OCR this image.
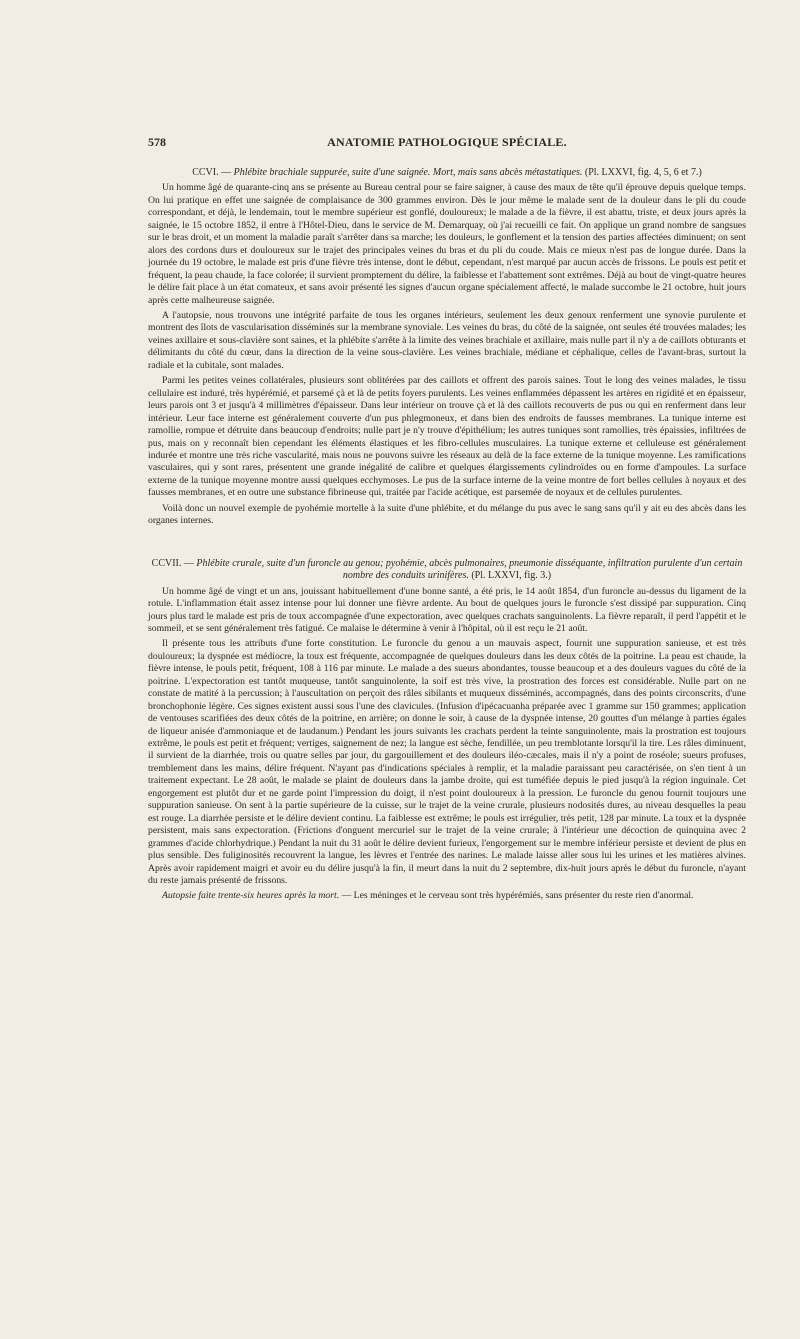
578	ANATOMIE PATHOLOGIQUE SPÉCIALE.
CCVI. — Phlébite brachiale suppurée, suite d'une saignée. Mort, mais sans abcès métastatiques. (Pl. LXXVI, fig. 4, 5, 6 et 7.)

Un homme âgé de quarante-cinq ans se présente au Bureau central pour se faire saigner, à cause des maux de tête qu'il éprouve depuis quelque temps. On lui pratique en effet une saignée de complaisance de 300 grammes environ. Dès le jour même le malade sent de la douleur dans le pli du coude correspondant, et déjà, le lendemain, tout le membre supérieur est gonflé, douloureux; le malade a de la fièvre, il est abattu, triste, et deux jours après la saignée, le 15 octobre 1852, il entre à l'Hôtel-Dieu, dans le service de M. Demarquay, où j'ai recueilli ce fait. On applique un grand nombre de sangsues sur le bras droit, et un moment la maladie paraît s'arrêter dans sa marche; les douleurs, le gonflement et la tension des parties affectées diminuent; on sent alors des cordons durs et douloureux sur le trajet des principales veines du bras et du pli du coude. Mais ce mieux n'est pas de longue durée. Dans la journée du 19 octobre, le malade est pris d'une fièvre très intense, dont le début, cependant, n'est marqué par aucun accès de frissons. Le pouls est petit et fréquent, la peau chaude, la face colorée; il survient promptement du délire, la faiblesse et l'abattement sont extrêmes. Déjà au bout de vingt-quatre heures le délire fait place à un état comateux, et sans avoir présenté les signes d'aucun organe spécialement affecté, le malade succombe le 21 octobre, huit jours après cette malheureuse saignée.

A l'autopsie, nous trouvons une intégrité parfaite de tous les organes intérieurs, seulement les deux genoux renferment une synovie purulente et montrent des îlots de vascularisation disséminés sur la membrane synoviale. Les veines du bras, du côté de la saignée, ont seules été trouvées malades; les veines axillaire et sous-clavière sont saines, et la phlébite s'arrête à la limite des veines brachiale et axillaire, mais nulle part il n'y a de caillots obturants et délimitants du côté du cœur, dans la direction de la veine sous-clavière. Les veines brachiale, médiane et céphalique, celles de l'avant-bras, surtout la radiale et la cubitale, sont malades.

Parmi les petites veines collatérales, plusieurs sont oblitérées par des caillots et offrent des parois saines. Tout le long des veines malades, le tissu cellulaire est induré, très hypérémié, et parsemé çà et là de petits foyers purulents. Les veines enflammées dépassent les artères en rigidité et en épaisseur, leurs parois ont 3 et jusqu'à 4 millimètres d'épaisseur. Dans leur intérieur on trouve çà et là des caillots recouverts de pus ou qui en renferment dans leur intérieur. Leur face interne est généralement couverte d'un pus phlegmoneux, et dans bien des endroits de fausses membranes. La tunique interne est ramollie, rompue et détruite dans beaucoup d'endroits; nulle part je n'y trouve d'épithélium; les autres tuniques sont ramollies, très épaissies, infiltrées de pus, mais on y reconnaît bien cependant les éléments élastiques et les fibro-cellules musculaires. La tunique externe et celluleuse est généralement indurée et montre une très riche vascularité, mais nous ne pouvons suivre les réseaux au delà de la face externe de la tunique moyenne. Les ramifications vasculaires, qui y sont rares, présentent une grande inégalité de calibre et quelques élargissements cylindroïdes ou en forme d'ampoules. La surface externe de la tunique moyenne montre aussi quelques ecchymoses. Le pus de la surface interne de la veine montre de fort belles cellules à noyaux et des fausses membranes, et en outre une substance fibrineuse qui, traitée par l'acide acétique, est parsemée de noyaux et de cellules purulentes.

Voilà donc un nouvel exemple de pyohémie mortelle à la suite d'une phlébite, et du mélange du pus avec le sang sans qu'il y ait eu des abcès dans les organes internes.

CCVII. — Phlébite crurale, suite d'un furoncle au genou; pyohémie, abcès pulmonaires, pneumonie disséquante, infiltration purulente d'un certain nombre des conduits urinifères. (Pl. LXXVI, fig. 3.)

Un homme âgé de vingt et un ans, jouissant habituellement d'une bonne santé, a été pris, le 14 août 1854, d'un furoncle au-dessus du ligament de la rotule. L'inflammation était assez intense pour lui donner une fièvre ardente. Au bout de quelques jours le furoncle s'est dissipé par suppuration. Cinq jours plus tard le malade est pris de toux accompagnée d'une expectoration, avec quelques crachats sanguinolents. La fièvre reparaît, il perd l'appétit et le sommeil, et se sent généralement très fatigué. Ce malaise le détermine à venir à l'hôpital, où il est reçu le 21 août.

Il présente tous les attributs d'une forte constitution. Le furoncle du genou a un mauvais aspect, fournit une suppuration sanieuse, et est très douloureux; la dyspnée est médiocre, la toux est fréquente, accompagnée de quelques douleurs dans les deux côtés de la poitrine. La peau est chaude, la fièvre intense, le pouls petit, fréquent, 108 à 116 par minute. Le malade a des sueurs abondantes, tousse beaucoup et a des douleurs vagues du côté de la poitrine. L'expectoration est tantôt muqueuse, tantôt sanguinolente, la soif est très vive, la prostration des forces est considérable. Nulle part on ne constate de matité à la percussion; à l'auscultation on perçoit des râles sibilants et muqueux disséminés, accompagnés, dans des points circonscrits, d'une bronchophonie légère. Ces signes existent aussi sous l'une des clavicules. (Infusion d'ipécacuanha préparée avec 1 gramme sur 150 grammes; application de ventouses scarifiées des deux côtés de la poitrine, en arrière; on donne le soir, à cause de la dyspnée intense, 20 gouttes d'un mélange à parties égales de liqueur anisée d'ammoniaque et de laudanum.) Pendant les jours suivants les crachats perdent la teinte sanguinolente, mais la prostration est toujours extrême, le pouls est petit et fréquent; vertiges, saignement de nez; la langue est sèche, fendillée, un peu tremblotante lorsqu'il la tire. Les râles diminuent, il survient de la diarrhée, trois ou quatre selles par jour, du gargouillement et des douleurs iléo-cæcales, mais il n'y a point de roséole; sueurs profuses, tremblement dans les mains, délire fréquent. N'ayant pas d'indications spéciales à remplir, et la maladie paraissant peu caractérisée, on s'en tient à un traitement expectant. Le 28 août, le malade se plaint de douleurs dans la jambe droite, qui est tuméfiée depuis le pied jusqu'à la région inguinale. Cet engorgement est plutôt dur et ne garde point l'impression du doigt, il n'est point douloureux à la pression. Le furoncle du genou fournit toujours une suppuration sanieuse. On sent à la partie supérieure de la cuisse, sur le trajet de la veine crurale, plusieurs nodosités dures, au niveau desquelles la peau est rouge. La diarrhée persiste et le délire devient continu. La faiblesse est extrême; le pouls est irrégulier, très petit, 128 par minute. La toux et la dyspnée persistent, mais sans expectoration. (Frictions d'onguent mercuriel sur le trajet de la veine crurale; à l'intérieur une décoction de quinquina avec 2 grammes d'acide chlorhydrique.) Pendant la nuit du 31 août le délire devient furieux, l'engorgement sur le membre inférieur persiste et devient de plus en plus sensible. Des fuliginosités recouvrent la langue, les lèvres et l'entrée des narines. Le malade laisse aller sous lui les urines et les matières alvines. Après avoir rapidement maigri et avoir eu du délire jusqu'à la fin, il meurt dans la nuit du 2 septembre, dix-huit jours après le début du furoncle, n'ayant du reste jamais présenté de frissons.

Autopsie faite trente-six heures après la mort. — Les méninges et le cerveau sont très hypérémiés, sans présenter du reste rien d'anormal.
